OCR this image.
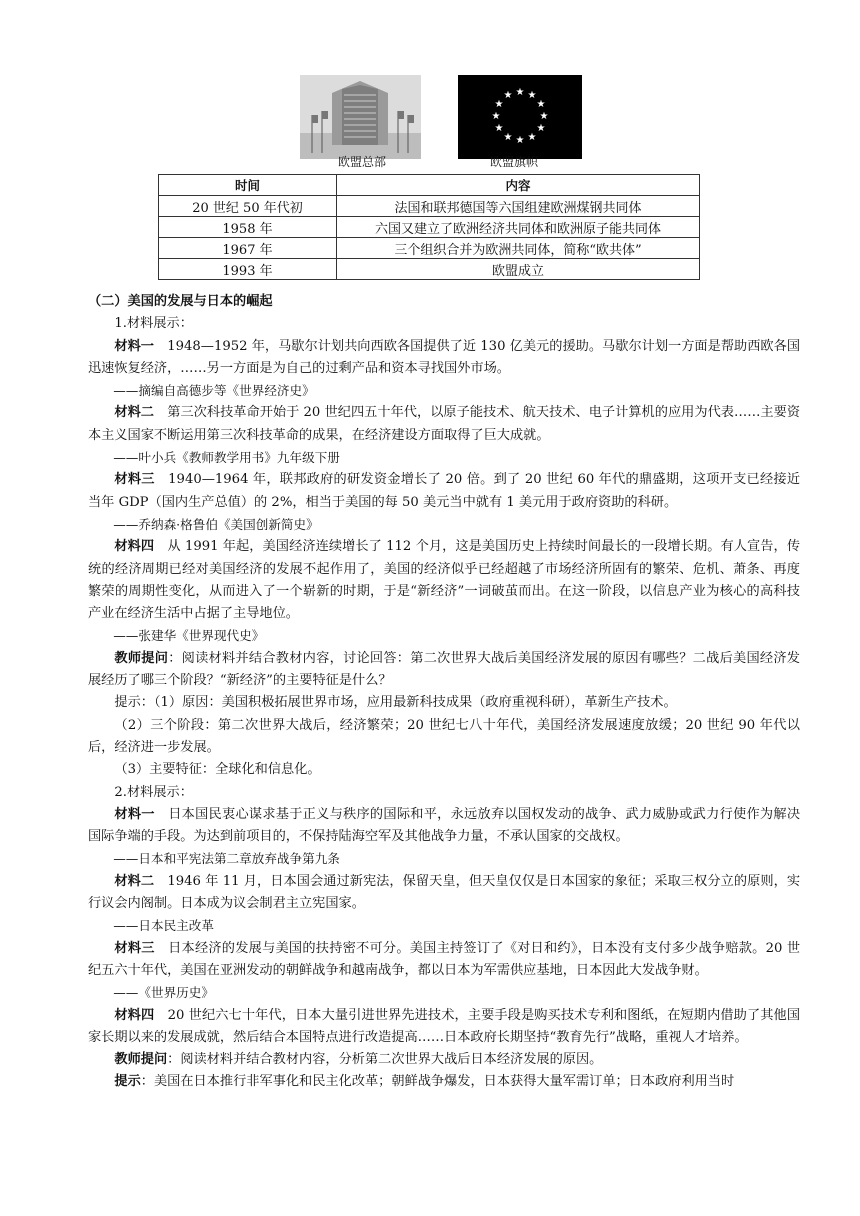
★ ★
★
★
★
★
★
★
★
★
★
★
欧盟总部	欧盟旗帜
时间	内容
20 世纪 50 年代初	法国和联邦德国等六国组建欧洲煤钢共同体
1958 年	六国又建立了欧洲经济共同体和欧洲原子能共同体
1967 年	三个组织合并为欧洲共同体，简称“欧共体”
1993 年	欧盟成立

（二）美国的发展与日本的崛起

1.材料展示：

材料一　1948—1952 年，马歇尔计划共向西欧各国提供了近 130 亿美元的援助。马歇尔计划一方面是帮助西欧各国迅速恢复经济，……另一方面是为自己的过剩产品和资本寻找国外市场。

——摘编自高德步等《世界经济史》

材料二　第三次科技革命开始于 20 世纪四五十年代，以原子能技术、航天技术、电子计算机的应用为代表……主要资本主义国家不断运用第三次科技革命的成果，在经济建设方面取得了巨大成就。

——叶小兵《教师教学用书》九年级下册

材料三　1940—1964 年，联邦政府的研发资金增长了 20 倍。到了 20 世纪 60 年代的鼎盛期，这项开支已经接近当年 GDP（国内生产总值）的 2%，相当于美国的每 50 美元当中就有 1 美元用于政府资助的科研。

——乔纳森·格鲁伯《美国创新简史》

材料四　从 1991 年起，美国经济连续增长了 112 个月，这是美国历史上持续时间最长的一段增长期。有人宣告，传统的经济周期已经对美国经济的发展不起作用了，美国的经济似乎已经超越了市场经济所固有的繁荣、危机、萧条、再度繁荣的周期性变化，从而进入了一个崭新的时期，于是“新经济”一词破茧而出。在这一阶段，以信息产业为核心的高科技产业在经济生活中占据了主导地位。

——张建华《世界现代史》

教师提问：阅读材料并结合教材内容，讨论回答：第二次世界大战后美国经济发展的原因有哪些？二战后美国经济发展经历了哪三个阶段？“新经济”的主要特征是什么？

提示：（1）原因：美国积极拓展世界市场，应用最新科技成果（政府重视科研），革新生产技术。

（2）三个阶段：第二次世界大战后，经济繁荣；20 世纪七八十年代，美国经济发展速度放缓；20 世纪 90 年代以后，经济进一步发展。

（3）主要特征：全球化和信息化。

2.材料展示：

材料一　日本国民衷心谋求基于正义与秩序的国际和平，永远放弃以国权发动的战争、武力威胁或武力行使作为解决国际争端的手段。为达到前项目的，不保持陆海空军及其他战争力量，不承认国家的交战权。

——日本和平宪法第二章放弃战争第九条

材料二　1946 年 11 月，日本国会通过新宪法，保留天皇，但天皇仅仅是日本国家的象征；采取三权分立的原则，实行议会内阁制。日本成为议会制君主立宪国家。

——日本民主改革

材料三　日本经济的发展与美国的扶持密不可分。美国主持签订了《对日和约》，日本没有支付多少战争赔款。20 世纪五六十年代，美国在亚洲发动的朝鲜战争和越南战争，都以日本为军需供应基地，日本因此大发战争财。

——《世界历史》

材料四　20 世纪六七十年代，日本大量引进世界先进技术，主要手段是购买技术专利和图纸，在短期内借助了其他国家长期以来的发展成就，然后结合本国特点进行改造提高……日本政府长期坚持“教育先行”战略，重视人才培养。

教师提问：阅读材料并结合教材内容，分析第二次世界大战后日本经济发展的原因。

提示：美国在日本推行非军事化和民主化改革；朝鲜战争爆发，日本获得大量军需订单；日本政府利用当时
